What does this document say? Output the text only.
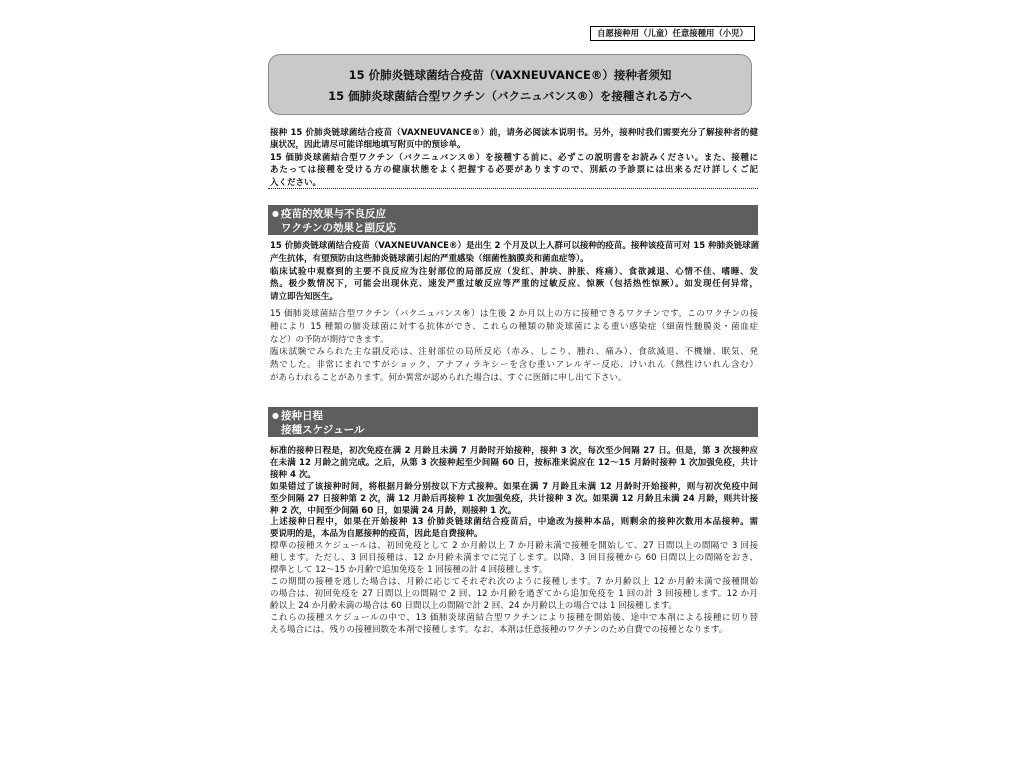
自愿接种用（儿童）任意接種用（小児）
15 价肺炎链球菌结合疫苗（VAXNEUVANCE®）接种者须知
15 価肺炎球菌結合型ワクチン（バクニュバンス®）を接種される方へ
接种 15 价肺炎链球菌结合疫苗（VAXNEUVANCE®）前，请务必阅读本说明书。另外，接种时我们需要充分了解接种者的健
康状况，因此请尽可能详细地填写附页中的预诊单。
15 価肺炎球菌結合型ワクチン（バクニュバンス®）を接種する前に、必ずこの説明書をお読みください。また、接種に
あたっては接種を受ける方の健康状態をよく把握する必要がありますので、別紙の予診票には出来るだけ詳しくご記
入ください。
● 疫苗的效果与不良反应
ワクチンの効果と副反応
15 价肺炎链球菌结合疫苗（VAXNEUVANCE®）是出生 2 个月及以上人群可以接种的疫苗。接种该疫苗可对 15 种肺炎链球菌
产生抗体，有望预防由这些肺炎链球菌引起的严重感染（细菌性脑膜炎和菌血症等）。
临床试验中观察到的主要不良反应为注射部位的局部反应（发红、肿块、肿胀、疼痛）、食欲减退、心情不佳、嗜睡、发
热。极少数情况下，可能会出现休克、速发严重过敏反应等严重的过敏反应、惊厥（包括热性惊厥）。如发现任何异常，
请立即告知医生。
15 価肺炎球菌結合型ワクチン（バクニュバンス®）は生後 2 か月以上の方に接種できるワクチンです。このワクチンの接
種により 15 種類の肺炎球菌に対する抗体ができ、これらの種類の肺炎球菌による重い感染症（細菌性髄膜炎・菌血症
など）の予防が期待できます。
臨床試験でみられた主な副反応は、注射部位の局所反応（赤み、しこり、腫れ、痛み）、食欲減退、不機嫌、眠気、発
熱でした。非常にまれですがショック、アナフィラキシーを含む重いアレルギー反応、けいれん（熱性けいれん含む）
があらわれることがあります。何か異常が認められた場合は、すぐに医師に申し出て下さい。
● 接种日程
接種スケジュール
标准的接种日程是，初次免疫在满 2 月龄且未满 7 月龄时开始接种，接种 3 次，每次至少间隔 27 日。但是，第 3 次接种应
在未满 12 月龄之前完成。之后，从第 3 次接种起至少间隔 60 日，按标准来说应在 12～15 月龄时接种 1 次加强免疫，共计
接种 4 次。
如果错过了该接种时间，将根据月龄分别按以下方式接种。如果在满 7 月龄且未满 12 月龄时开始接种，则与初次免疫中间
至少间隔 27 日接种第 2 次，满 12 月龄后再接种 1 次加强免疫，共计接种 3 次。如果满 12 月龄且未满 24 月龄，则共计接
种 2 次，中间至少间隔 60 日，如果满 24 月龄，则接种 1 次。
上述接种日程中，如果在开始接种 13 价肺炎链球菌结合疫苗后，中途改为接种本品，则剩余的接种次数用本品接种。需
要说明的是，本品为自愿接种的疫苗，因此是自费接种。
標準の接種スケジュールは、初回免疫として 2 か月齢以上 7 か月齢未満で接種を開始して、27 日間以上の間隔で 3 回接
種します。ただし、3 回目接種は、12 か月齢未満までに完了します。以降、3 回目接種から 60 日間以上の間隔をおき、
標準として 12～15 か月齢で追加免疫を 1 回接種の計 4 回接種します。
この期間の接種を逃した場合は、月齢に応じてそれぞれ次のように接種します。7 か月齢以上 12 か月齢未満で接種開始
の場合は、初回免疫を 27 日間以上の間隔で 2 回、12 か月齢を過ぎてから追加免疫を 1 回の計 3 回接種します。12 か月
齢以上 24 か月齢未満の場合は 60 日間以上の間隔で計 2 回、24 か月齢以上の場合では 1 回接種します。
これらの接種スケジュールの中で、13 価肺炎球菌結合型ワクチンにより接種を開始後、途中で本剤による接種に切り替
える場合には、残りの接種回数を本剤で接種します。なお、本剤は任意接種のワクチンのため自費での接種となります。
